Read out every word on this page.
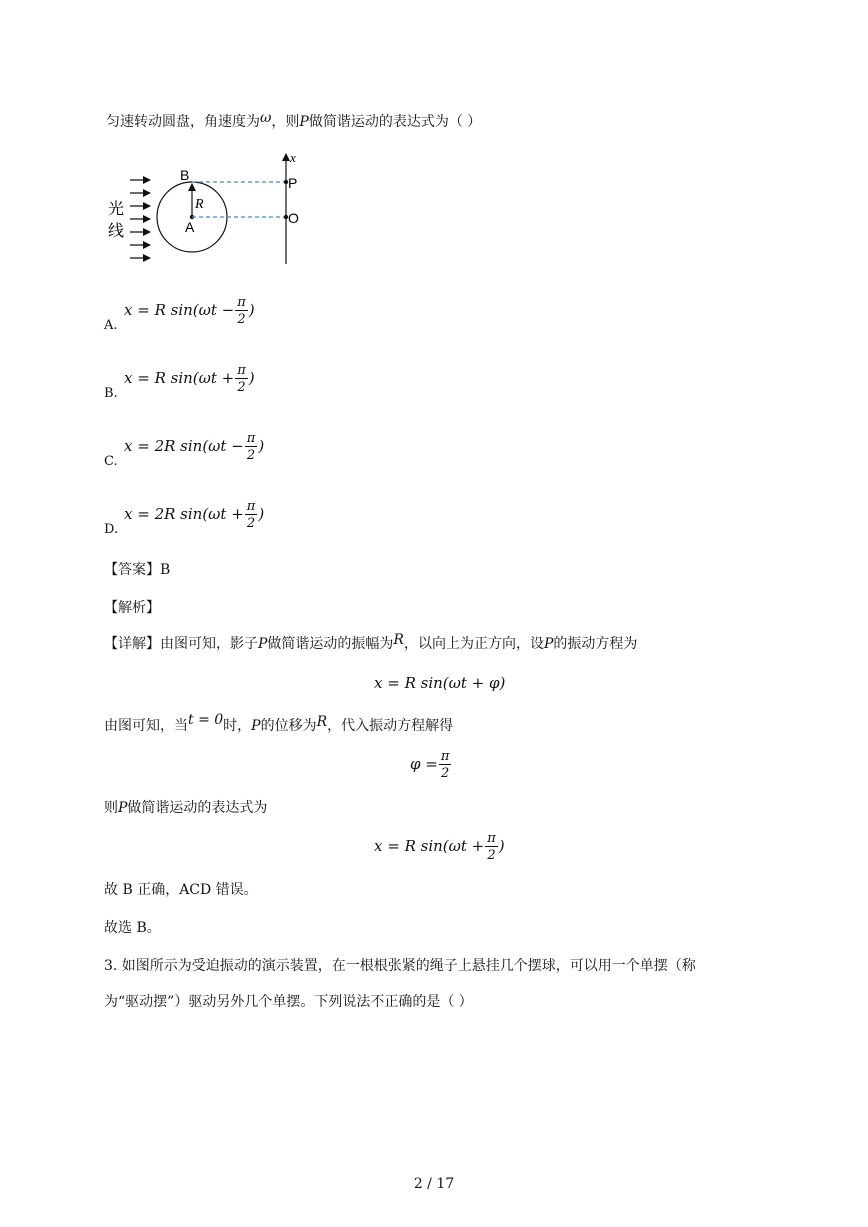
匀速转动圆盘，角速度为ω，则P做简谐运动的表达式为（ ）
x
B	P
R
A
O
光
线
A.
x = R $\sin(\omega t - \frac{\pi}{2}$ )
B.
x = R $\sin(\omega t + \frac{\pi}{2}$ )
C.
x = 2R $\sin(\omega t - \frac{\pi}{2}$ )
D.
x = 2R $\sin(\omega t + \frac{\pi}{2}$ )
【答案】B
【解析】
【详解】由图可知，影子P做简谐运动的振幅为R，以向上为正方向，设P的振动方程为
x = R sin(ωt + φ)
由图可知，当t = 0时，P的位移为R，代入振动方程解得
$\varphi = \frac{\pi}{2}$
则P做简谐运动的表达式为
x = R $\sin(\omega t + \frac{\pi}{2}$ )
故 B 正确，ACD 错误。
故选 B。
3. 如图所示为受迫振动的演示装置，在一根根张紧的绳子上悬挂几个摆球，可以用一个单摆（称
为“驱动摆”）驱动另外几个单摆。下列说法不正确的是（ ）
2 / 17
